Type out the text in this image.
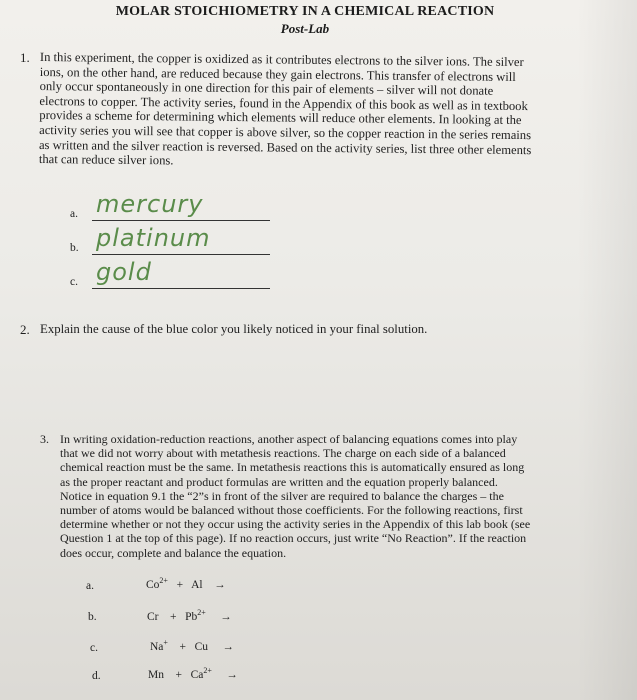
MOLAR STOICHIOMETRY IN A CHEMICAL REACTION
Post-Lab
1. In this experiment, the copper is oxidized as it contributes electrons to the silver ions. The silver
ions, on the other hand, are reduced because they gain electrons. This transfer of electrons will
only occur spontaneously in one direction for this pair of elements – silver will not donate
electrons to copper. The activity series, found in the Appendix of this book as well as in textbook
provides a scheme for determining which elements will reduce other elements. In looking at the
activity series you will see that copper is above silver, so the copper reaction in the series remains
as written and the silver reaction is reversed. Based on the activity series, list three other elements
that can reduce silver ions.
a. mercury
b. platinum
c. gold
2. Explain the cause of the blue color you likely noticed in your final solution.
3. In writing oxidation-reduction reactions, another aspect of balancing equations comes into play
that we did not worry about with metathesis reactions. The charge on each side of a balanced
chemical reaction must be the same. In metathesis reactions this is automatically ensured as long
as the proper reactant and product formulas are written and the equation properly balanced.
Notice in equation 9.1 the “2”s in front of the silver are required to balance the charges – the
number of atoms would be balanced without those coefficients. For the following reactions, first
determine whether or not they occur using the activity series in the Appendix of this lab book (see
Question 1 at the top of this page). If no reaction occurs, just write “No Reaction”. If the reaction
does occur, complete and balance the equation.
a.	$Co^{2+} + Al$ →
b.	$Cr + Pb^{2+}$ →
c.	Na+ + Cu →
d.	$Mn + Ca^{2+}$ →
